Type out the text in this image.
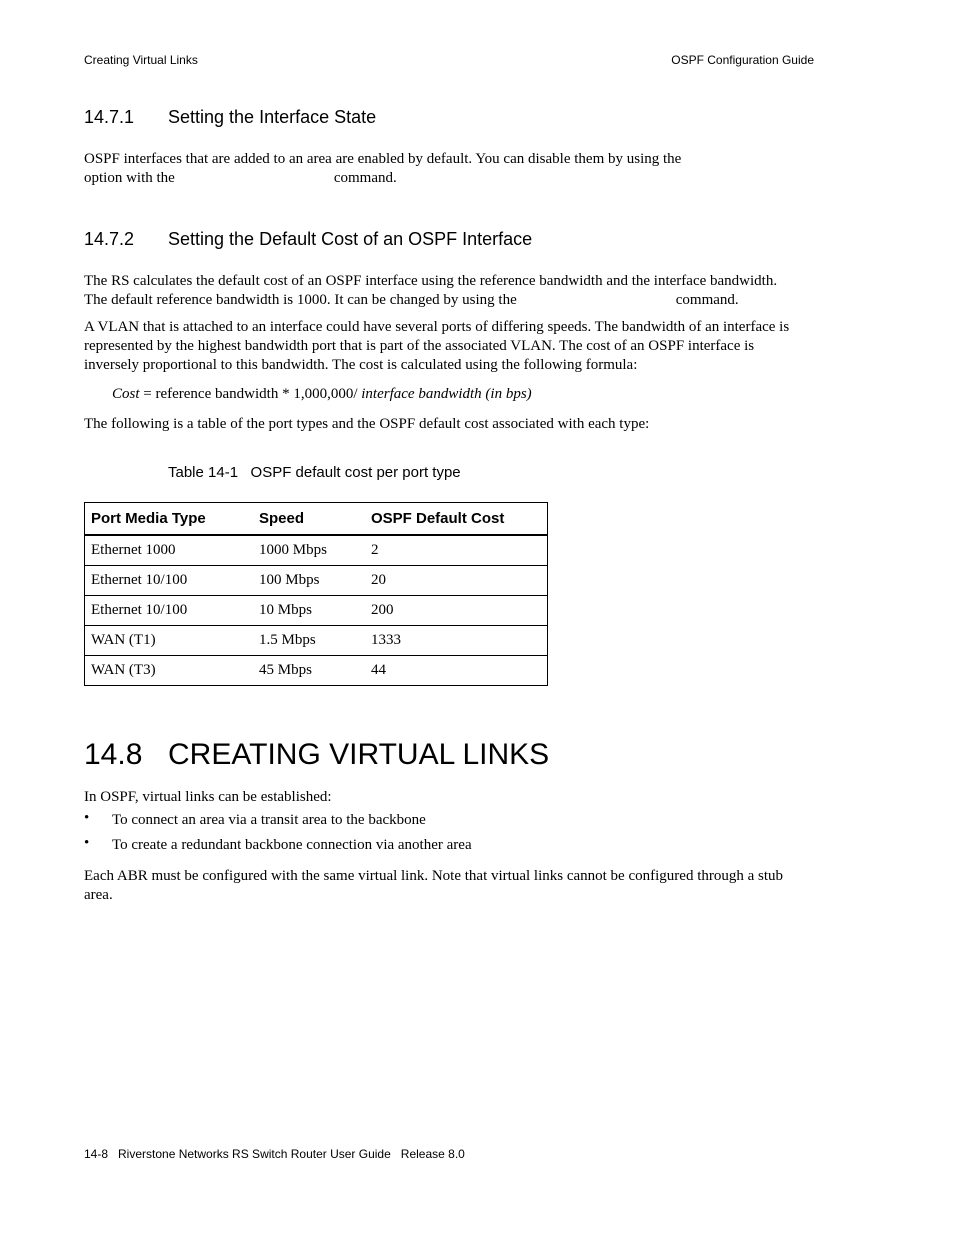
Creating Virtual Links	OSPF Configuration Guide
14.7.1 Setting the Interface State
OSPF interfaces that are added to an area are enabled by default. You can disable them by using the
option with the	command.
14.7.2 Setting the Default Cost of an OSPF Interface
The RS calculates the default cost of an OSPF interface using the reference bandwidth and the interface bandwidth.
The default reference bandwidth is 1000. It can be changed by using the	command.
A VLAN that is attached to an interface could have several ports of differing speeds. The bandwidth of an interface is
represented by the highest bandwidth port that is part of the associated VLAN. The cost of an OSPF interface is
inversely proportional to this bandwidth. The cost is calculated using the following formula:
Cost = reference bandwidth * 1,000,000/ interface bandwidth (in bps)
The following is a table of the port types and the OSPF default cost associated with each type:
Table 14-1   OSPF default cost per port type
Port Media Type	Speed	OSPF Default Cost
Ethernet 1000	1000 Mbps	2
Ethernet 10/100	100 Mbps	20
Ethernet 10/100	10 Mbps	200
WAN (T1)	1.5 Mbps	1333
WAN (T3)	45 Mbps	44
14.8 CREATING VIRTUAL LINKS
In OSPF, virtual links can be established:
• To connect an area via a transit area to the backbone
• To create a redundant backbone connection via another area
Each ABR must be configured with the same virtual link. Note that virtual links cannot be configured through a stub
area.
14-8   Riverstone Networks RS Switch Router User Guide   Release 8.0
